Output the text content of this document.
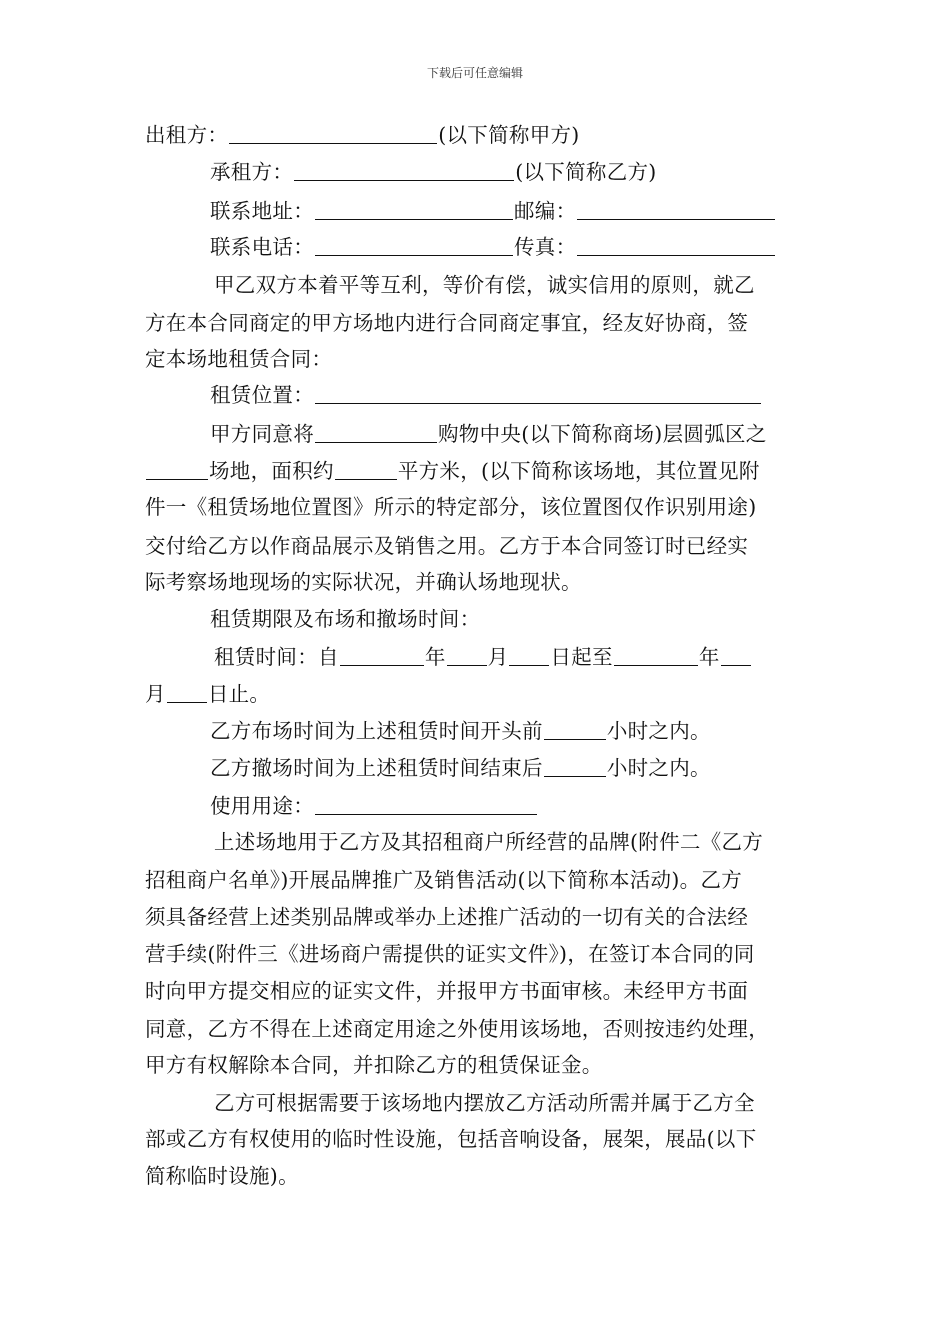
下载后可任意编辑
出租方：	(以下简称甲方)
承租方：	(以下简称乙方)
联系地址：	邮编：
联系电话：	传真：
甲乙双方本着平等互利，等价有偿，诚实信用的原则，就乙
方在本合同商定的甲方场地内进行合同商定事宜，经友好协商，签
定本场地租赁合同：
租赁位置：
甲方同意将	购物中央(以下简称商场)层圆弧区之
场地，面积约	平方米，(以下简称该场地，其位置见附
件一《租赁场地位置图》所示的特定部分，该位置图仅作识别用途)
交付给乙方以作商品展示及销售之用。乙方于本合同签订时已经实
际考察场地现场的实际状况，并确认场地现状。
租赁期限及布场和撤场时间：
租赁时间：自	年 月 日起至	年
月 日止。
乙方布场时间为上述租赁时间开头前	小时之内。
乙方撤场时间为上述租赁时间结束后	小时之内。
使用用途：
上述场地用于乙方及其招租商户所经营的品牌(附件二《乙方
招租商户名单》)开展品牌推广及销售活动(以下简称本活动)。乙方
须具备经营上述类别品牌或举办上述推广活动的一切有关的合法经
营手续(附件三《进场商户需提供的证实文件》)，在签订本合同的同
时向甲方提交相应的证实文件，并报甲方书面审核。未经甲方书面
同意，乙方不得在上述商定用途之外使用该场地，否则按违约处理，
甲方有权解除本合同，并扣除乙方的租赁保证金。
乙方可根据需要于该场地内摆放乙方活动所需并属于乙方全
部或乙方有权使用的临时性设施，包括音响设备，展架，展品(以下
简称临时设施)。
